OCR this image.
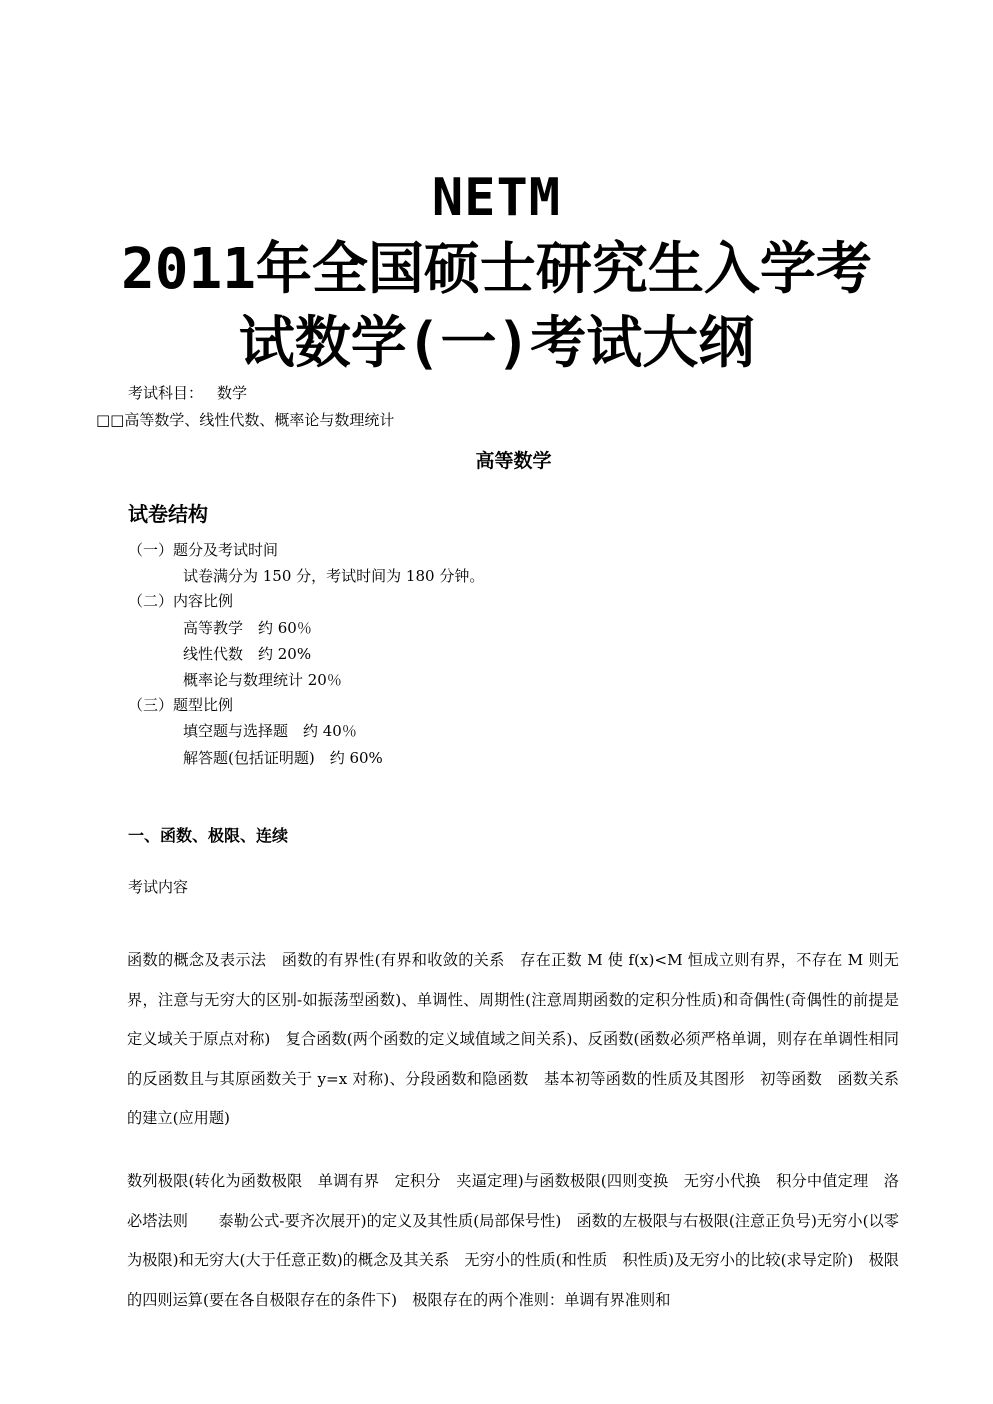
NETM
2011年全国硕士研究生入学考
试数学(一)考试大纲
考试科目： 数学
□□高等数学、线性代数、概率论与数理统计
高等数学
试卷结构
（一）题分及考试时间
试卷满分为 150 分，考试时间为 180 分钟。
（二）内容比例
高等教学　约 60％
线性代数　约 20%
概率论与数理统计 20％
（三）题型比例
填空题与选择题　约 40％
解答题(包括证明题)　约 60%
一、函数、极限、连续
考试内容

函数的概念及表示法　函数的有界性(有界和收敛的关系　存在正数 M 使 f(x)<M 恒成立则有界，不存在 M 则无界，注意与无穷大的区别-如振荡型函数)、单调性、周期性(注意周期函数的定积分性质)和奇偶性(奇偶性的前提是定义域关于原点对称)　复合函数(两个函数的定义域值域之间关系)、反函数(函数必须严格单调，则存在单调性相同的反函数且与其原函数关于 y=x 对称)、分段函数和隐函数　基本初等函数的性质及其图形　初等函数　函数关系的建立(应用题)

数列极限(转化为函数极限　单调有界　定积分　夹逼定理)与函数极限(四则变换　无穷小代换　积分中值定理　洛必塔法则　　泰勒公式-要齐次展开)的定义及其性质(局部保号性)　函数的左极限与右极限(注意正负号)无穷小(以零为极限)和无穷大(大于任意正数)的概念及其关系　无穷小的性质(和性质　积性质)及无穷小的比较(求导定阶)　极限的四则运算(要在各自极限存在的条件下)　极限存在的两个准则：单调有界准则和
